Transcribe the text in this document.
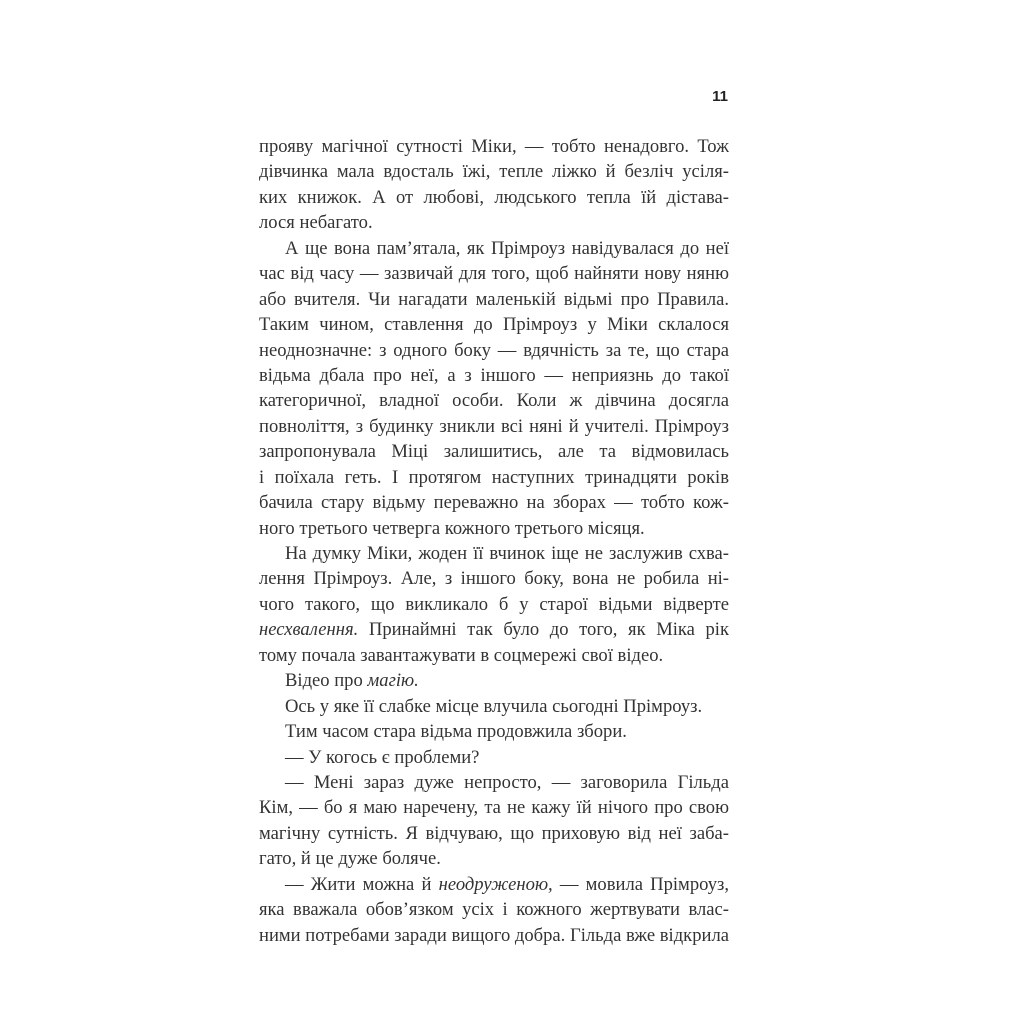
11
прояву магічної сутності Міки, — тобто ненадовго. Тож
дівчинка мала вдосталь їжі, тепле ліжко й безліч усіля-
ких книжок. А от любові, людського тепла їй дістава-
лося небагато.
А ще вона пам’ятала, як Прімроуз навідувалася до неї
час від часу — зазвичай для того, щоб найняти нову няню
або вчителя. Чи нагадати маленькій відьмі про Правила.
Таким чином, ставлення до Прімроуз у Міки склалося
неоднозначне: з одного боку — вдячність за те, що стара
відьма дбала про неї, а з іншого — неприязнь до такої
категоричної, владної особи. Коли ж дівчина досягла
повноліття, з будинку зникли всі няні й учителі. Прімроуз
запропонувала Міці залишитись, але та відмовилась
і поїхала геть. І протягом наступних тринадцяти років
бачила стару відьму переважно на зборах — тобто кож-
ного третього четверга кожного третього місяця.
На думку Міки, жоден її вчинок іще не заслужив схва-
лення Прімроуз. Але, з іншого боку, вона не робила ні-
чого такого, що викликало б у старої відьми відверте
несхвалення. Принаймні так було до того, як Міка рік
тому почала завантажувати в соцмережі свої відео.
Відео про магію.
Ось у яке її слабке місце влучила сьогодні Прімроуз.
Тим часом стара відьма продовжила збори.
— У когось є проблеми?
— Мені зараз дуже непросто, — заговорила Гільда
Кім, — бо я маю наречену, та не кажу їй нічого про свою
магічну сутність. Я відчуваю, що приховую від неї заба-
гато, й це дуже боляче.
— Жити можна й неодруженою, — мовила Прімроуз,
яка вважала обов’язком усіх і кожного жертвувати влас-
ними потребами заради вищого добра. Гільда вже відкрила
